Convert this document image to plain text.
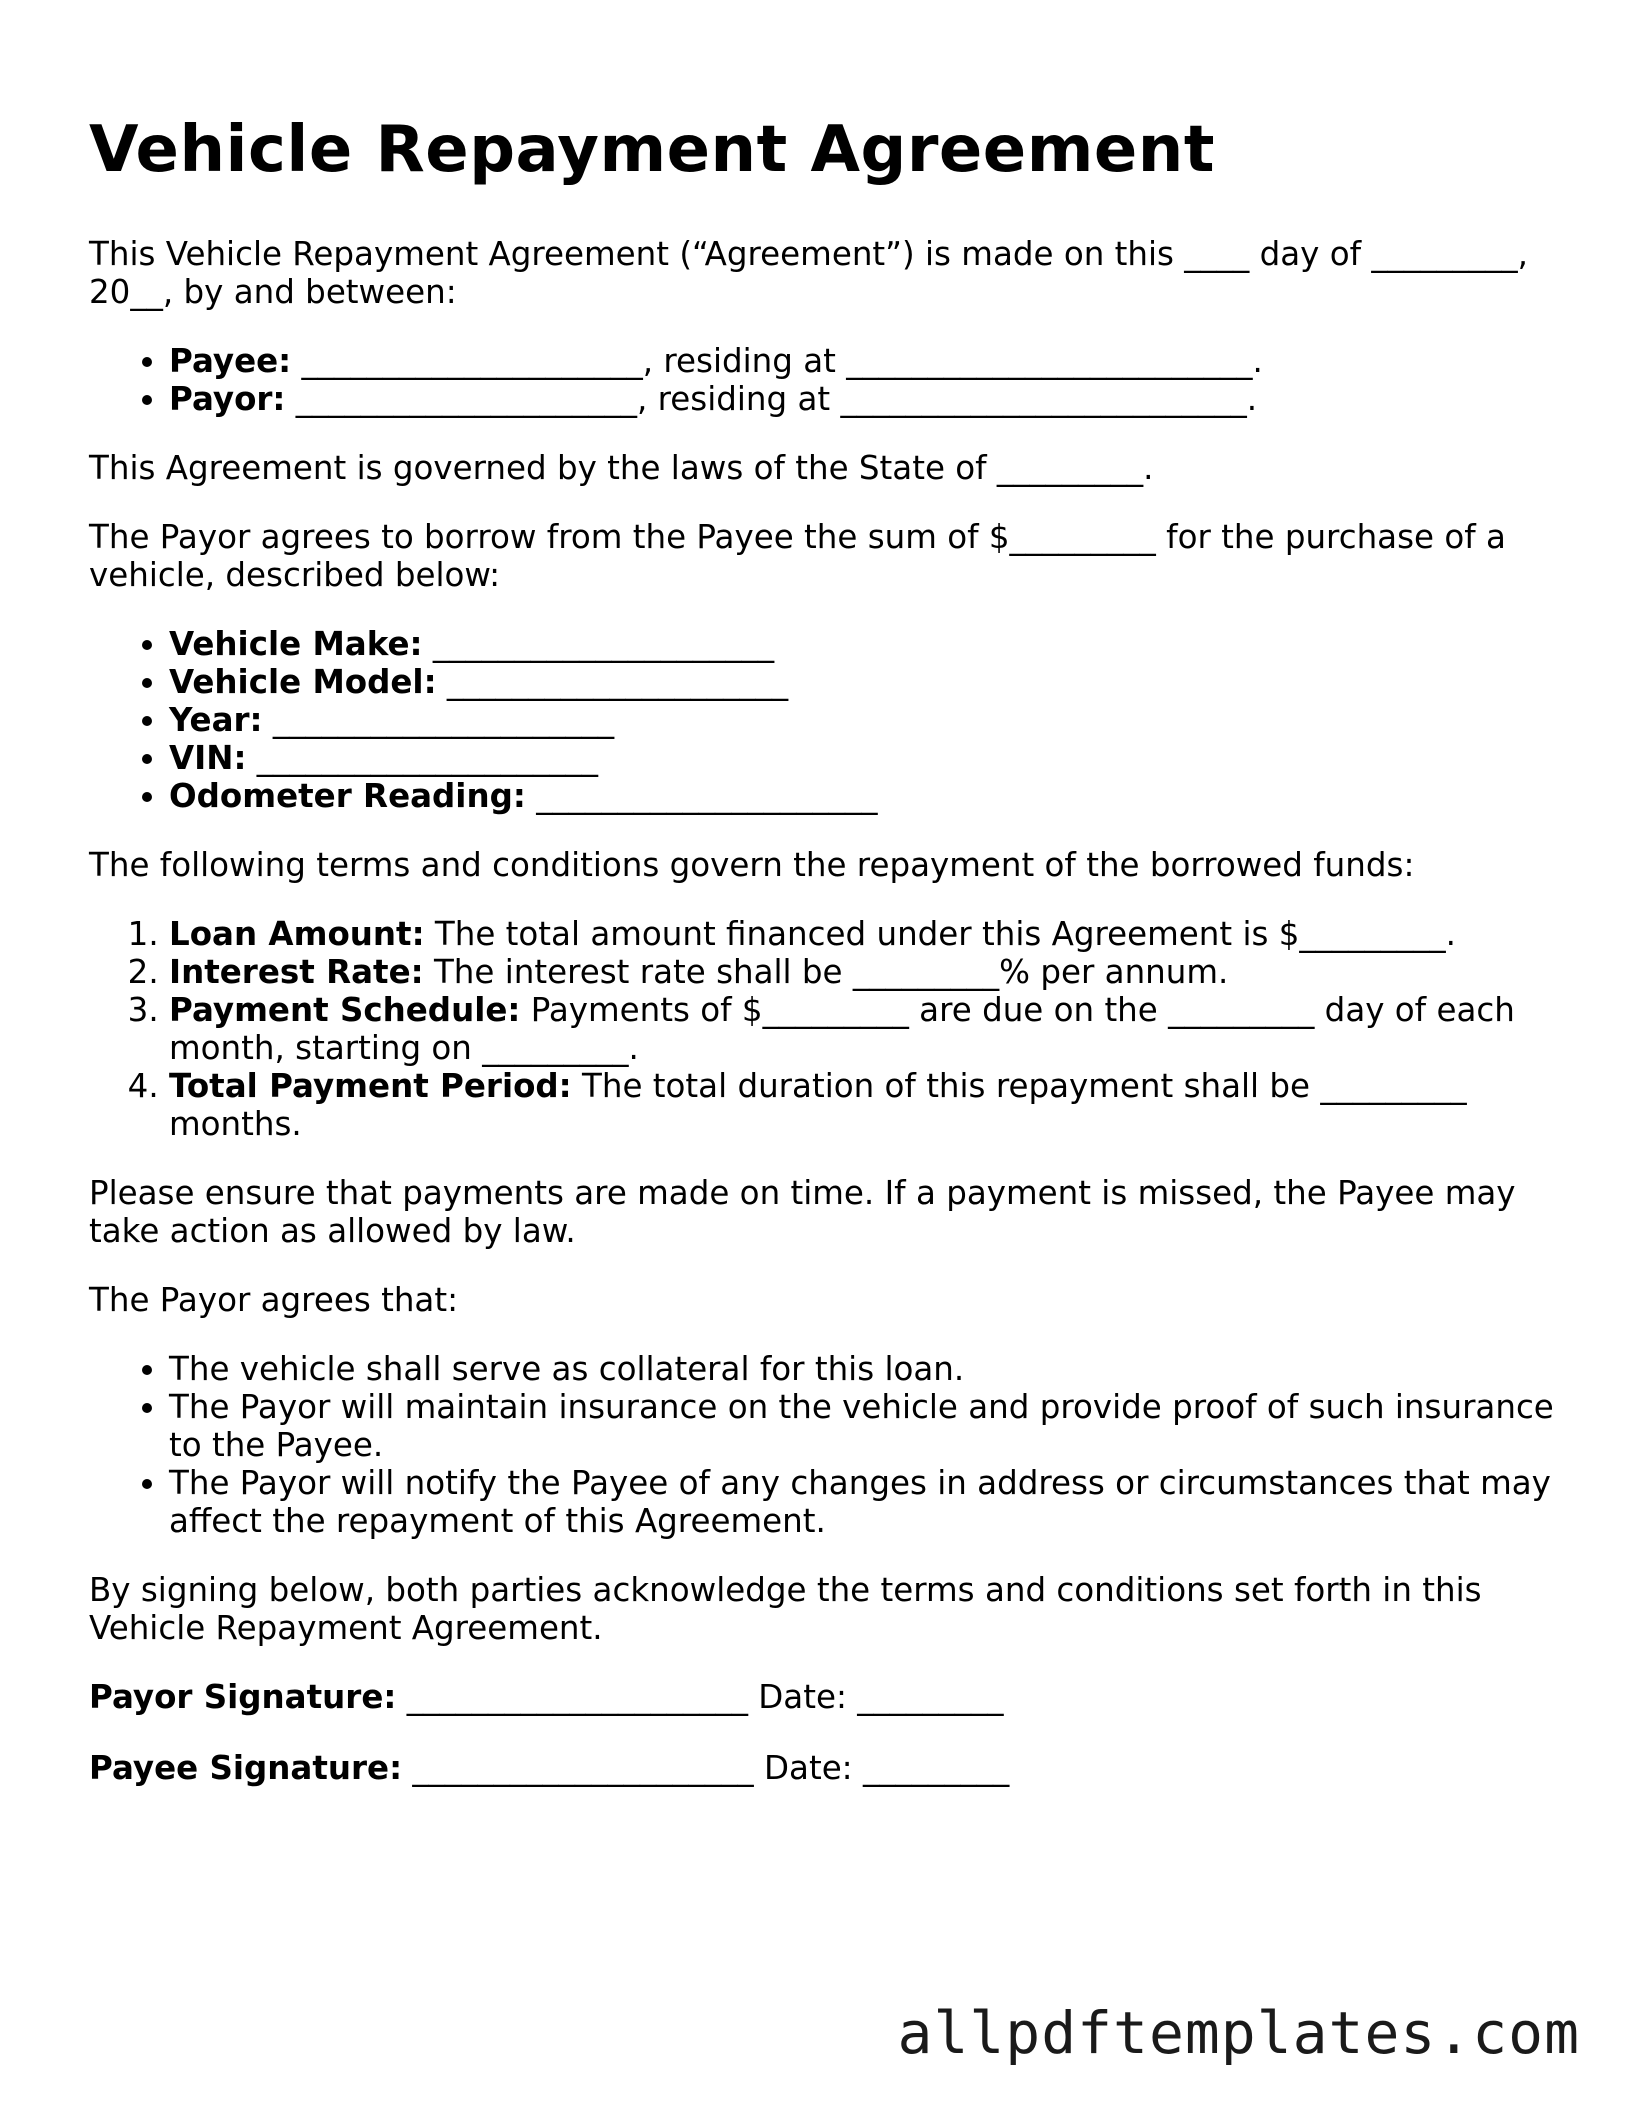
Vehicle Repayment Agreement

This Vehicle Repayment Agreement (“Agreement”) is made on this ____ day of _________, 20__, by and between:

• Payee: _____________________, residing at _________________________.
• Payor: _____________________, residing at _________________________.

This Agreement is governed by the laws of the State of _________.

The Payor agrees to borrow from the Payee the sum of $_________ for the purchase of a vehicle, described below:

• Vehicle Make: _____________________
• Vehicle Model: _____________________
• Year: _____________________
• VIN: _____________________
• Odometer Reading: _____________________

The following terms and conditions govern the repayment of the borrowed funds:

1. Loan Amount: The total amount financed under this Agreement is $_________.
2. Interest Rate: The interest rate shall be _________% per annum.
3. Payment Schedule: Payments of $_________ are due on the _________ day of each month, starting on _________.
4. Total Payment Period: The total duration of this repayment shall be _________ months.

Please ensure that payments are made on time. If a payment is missed, the Payee may take action as allowed by law.

The Payor agrees that:

• The vehicle shall serve as collateral for this loan.
• The Payor will maintain insurance on the vehicle and provide proof of such insurance to the Payee.
• The Payor will notify the Payee of any changes in address or circumstances that may affect the repayment of this Agreement.

By signing below, both parties acknowledge the terms and conditions set forth in this Vehicle Repayment Agreement.

Payor Signature: _____________________ Date: _________

Payee Signature: _____________________ Date: _________

allpdftemplates.com
